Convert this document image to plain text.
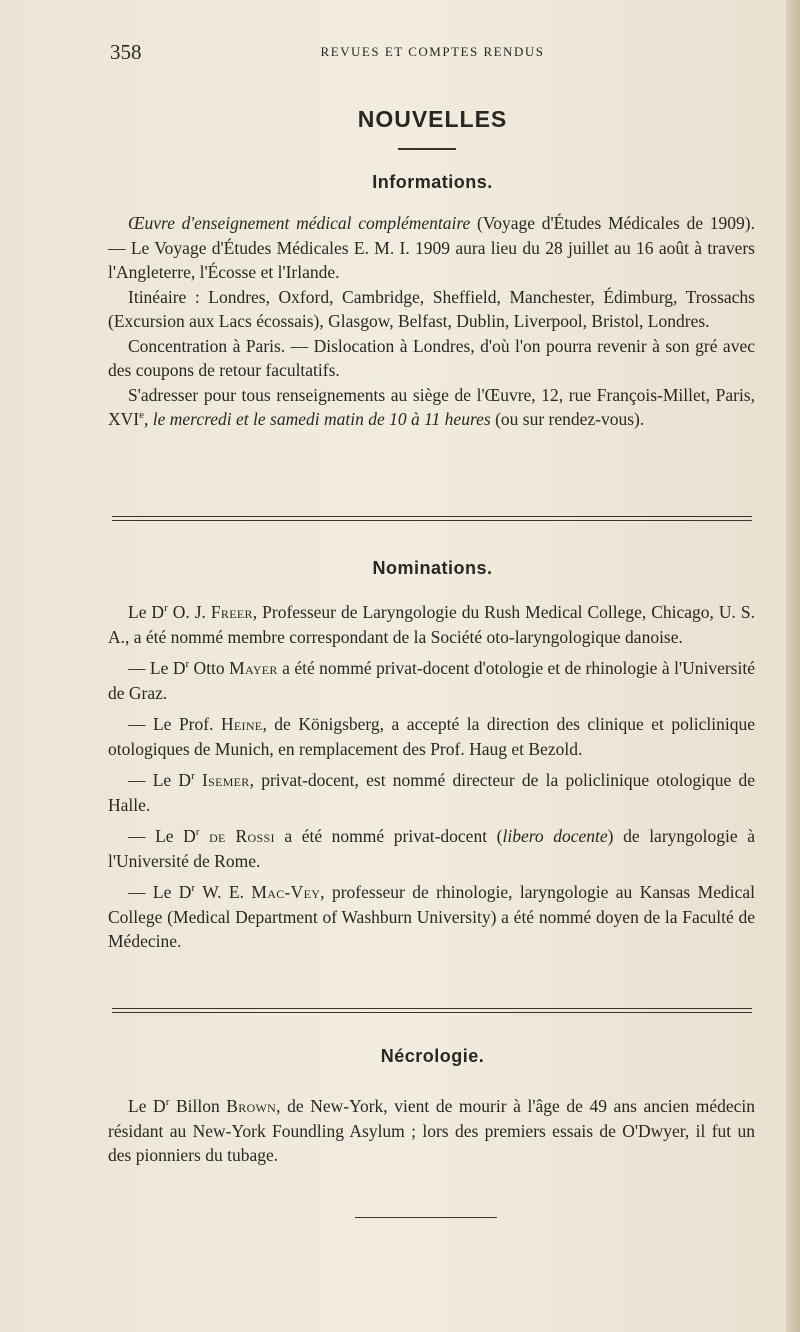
358	REVUES ET COMPTES RENDUS
NOUVELLES
Informations.

Œuvre d'enseignement médical complémentaire (Voyage d'Études Médicales de 1909). — Le Voyage d'Études Médicales E. M. I. 1909 aura lieu du 28 juillet au 16 août à travers l'Angleterre, l'Écosse et l'Irlande.

Itinéaire : Londres, Oxford, Cambridge, Sheffield, Manchester, Édimburg, Trossachs (Excursion aux Lacs écossais), Glasgow, Belfast, Dublin, Liverpool, Bristol, Londres.

Concentration à Paris. — Dislocation à Londres, d'où l'on pourra revenir à son gré avec des coupons de retour facultatifs.

S'adresser pour tous renseignements au siège de l'Œuvre, 12, rue François-Millet, Paris, XVIe, le mercredi et le samedi matin de 10 à 11 heures (ou sur rendez-vous).

Nominations.

Le $D^r$ O. J. Freer, Professeur de Laryngologie du Rush Medical College, Chicago, U. S. A., a été nommé membre correspondant de la Société oto-laryngologique danoise.

— Le $D^r$ Otto Mayer a été nommé privat-docent d'otologie et de rhinologie à l'Université de Graz.

— Le Prof. Heine, de Königsberg, a accepté la direction des clinique et policlinique otologiques de Munich, en remplacement des Prof. Haug et Bezold.

— Le $D^r$ Isemer, privat-docent, est nommé directeur de la policlinique otologique de Halle.

— Le $D^r$ de Rossi a été nommé privat-docent (libero docente) de laryngologie à l'Université de Rome.

— Le $D^r$ W. E. Mac-Vey, professeur de rhinologie, laryngologie au Kansas Medical College (Medical Department of Washburn University) a été nommé doyen de la Faculté de Médecine.

Nécrologie.

Le $D^r$ Billon Brown, de New-York, vient de mourir à l'âge de 49 ans ancien médecin résidant au New-York Foundling Asylum ; lors des premiers essais de O'Dwyer, il fut un des pionniers du tubage.
